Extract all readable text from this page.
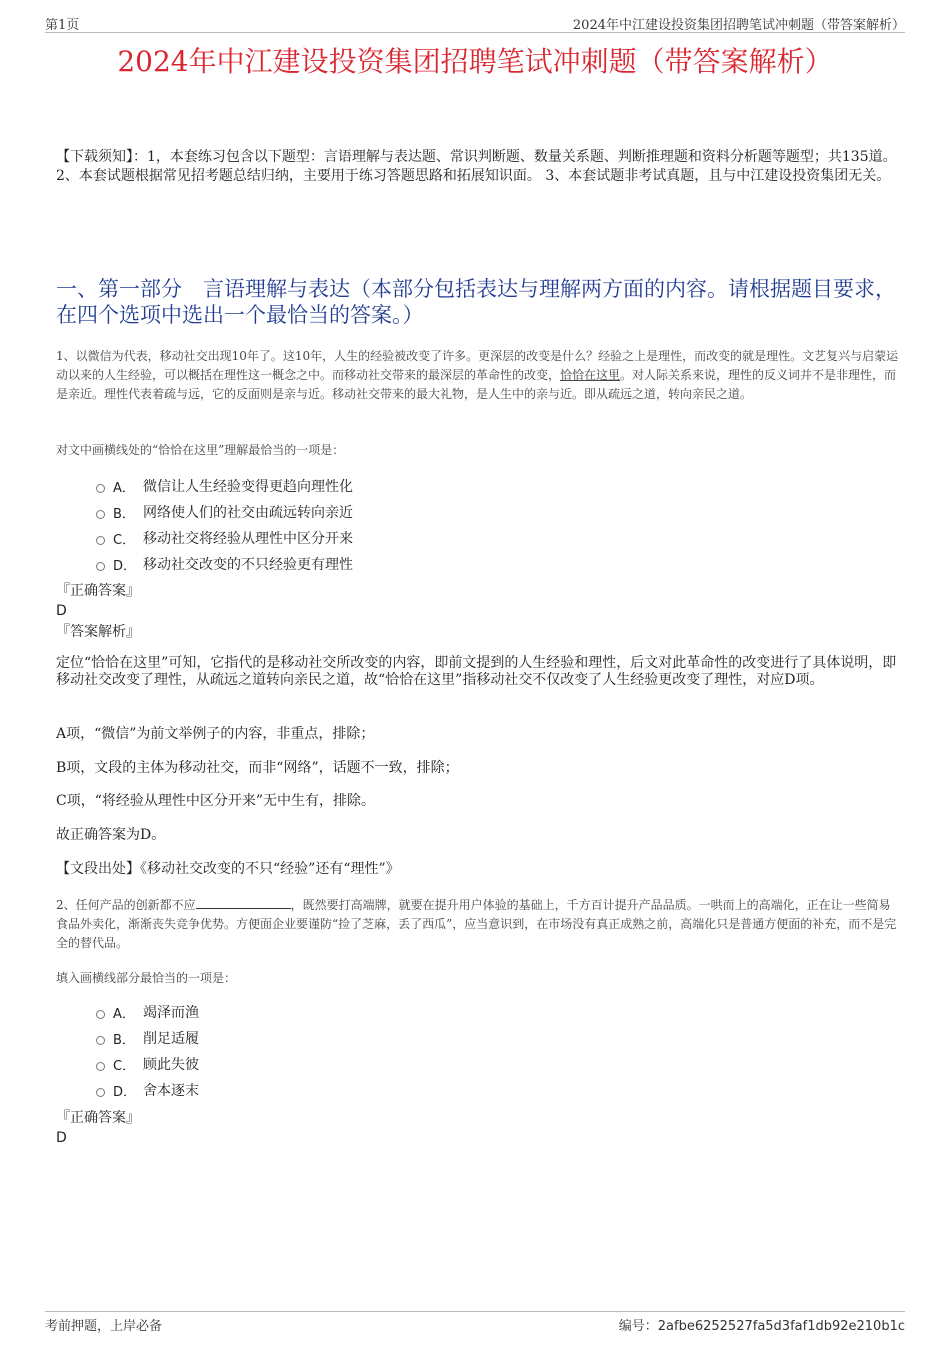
第1页	2024年中江建设投资集团招聘笔试冲刺题（带答案解析）
2024年中江建设投资集团招聘笔试冲刺题（带答案解析）
【下载须知】：1，本套练习包含以下题型：言语理解与表达题、常识判断题、数量关系题、判断推理题和资料分析题等题型；共135道。 2、本套试题根据常见招考题总结归纳，主要用于练习答题思路和拓展知识面。 3、本套试题非考试真题，且与中江建设投资集团无关。
一、第一部分　言语理解与表达（本部分包括表达与理解两方面的内容。请根据题目要求，在四个选项中选出一个最恰当的答案。）
1、以微信为代表，移动社交出现10年了。这10年，人生的经验被改变了许多。更深层的改变是什么？经验之上是理性，而改变的就是理性。文艺复兴与启蒙运动以来的人生经验，可以概括在理性这一概念之中。而移动社交带来的最深层的革命性的改变，恰恰在这里。对人际关系来说，理性的反义词并不是非理性，而是亲近。理性代表着疏与远，它的反面则是亲与近。移动社交带来的最大礼物，是人生中的亲与近。即从疏远之道，转向亲民之道。
对文中画横线处的“恰恰在这里”理解最恰当的一项是：
A． 微信让人生经验变得更趋向理性化
B． 网络使人们的社交由疏远转向亲近
C． 移动社交将经验从理性中区分开来
D． 移动社交改变的不只经验更有理性
『正确答案』
D
『答案解析』
定位“恰恰在这里”可知，它指代的是移动社交所改变的内容，即前文提到的人生经验和理性，后文对此革命性的改变进行了具体说明，即移动社交改变了理性，从疏远之道转向亲民之道，故“恰恰在这里”指移动社交不仅改变了人生经验更改变了理性，对应D项。
A项，“微信”为前文举例子的内容，非重点，排除；
B项，文段的主体为移动社交，而非“网络”，话题不一致，排除；
C项，“将经验从理性中区分开来”无中生有，排除。
故正确答案为D。
【文段出处】《移动社交改变的不只“经验”还有“理性”》
2、任何产品的创新都不应	，既然要打高端牌，就要在提升用户体验的基础上，千方百计提升产品品质。一哄而上的高端化，正在让一些简易食品外卖化，渐渐丧失竞争优势。方便面企业要谨防“捡了芝麻，丢了西瓜”，应当意识到，在市场没有真正成熟之前，高端化只是普通方便面的补充，而不是完全的替代品。
填入画横线部分最恰当的一项是：
A． 竭泽而渔
B． 削足适履
C． 顾此失彼
D． 舍本逐末
『正确答案』
D
考前押题，上岸必备	编号：2afbe6252527fa5d3faf1db92e210b1c
